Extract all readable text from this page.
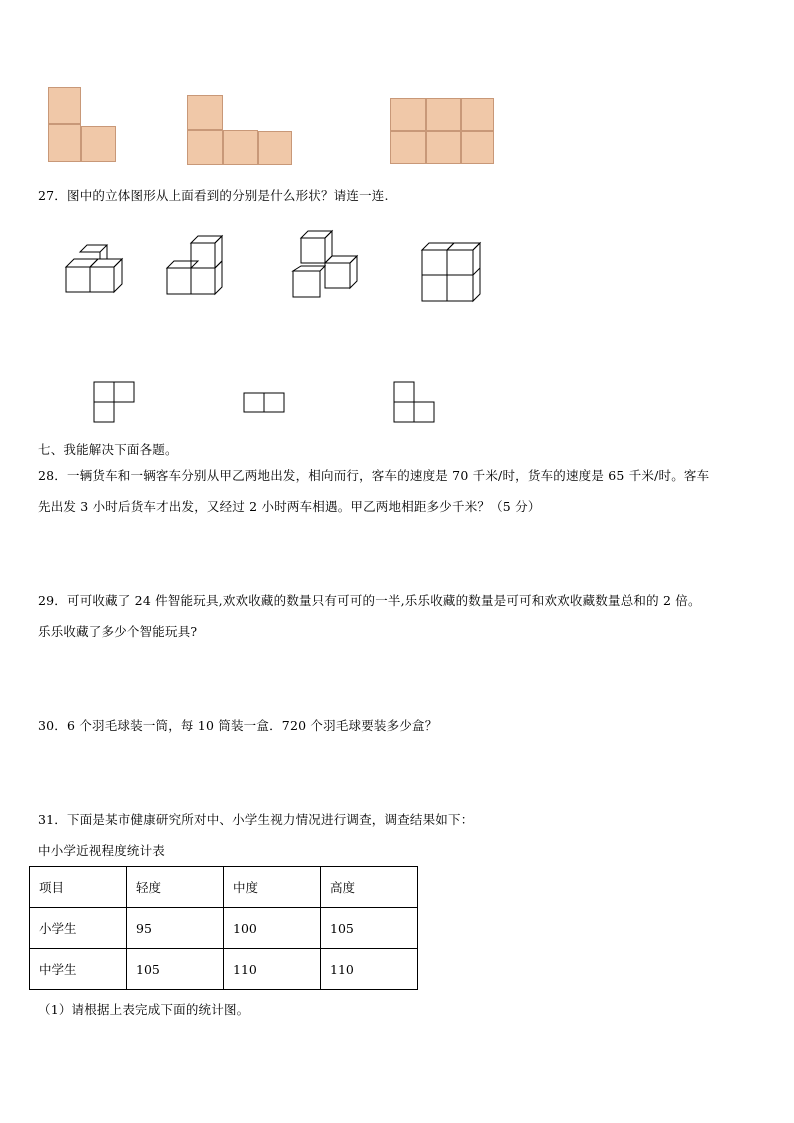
27．图中的立体图形从上面看到的分别是什么形状？请连一连.
七、我能解决下面各题。
28．一辆货车和一辆客车分别从甲乙两地出发，相向而行，客车的速度是 70 千米/时，货车的速度是 65 千米/时。客车
先出发 3 小时后货车才出发，又经过 2 小时两车相遇。甲乙两地相距多少千米？（5 分）
29．可可收藏了 24 件智能玩具,欢欢收藏的数量只有可可的一半,乐乐收藏的数量是可可和欢欢收藏数量总和的 2 倍。
乐乐收藏了多少个智能玩具?
30．6 个羽毛球装一筒，每 10 筒装一盒．720 个羽毛球要装多少盒？
31．下面是某市健康研究所对中、小学生视力情况进行调查，调查结果如下：
中小学近视程度统计表
项目	轻度	中度	高度
小学生	95	100	105
中学生	105	110	110
（1）请根据上表完成下面的统计图。
